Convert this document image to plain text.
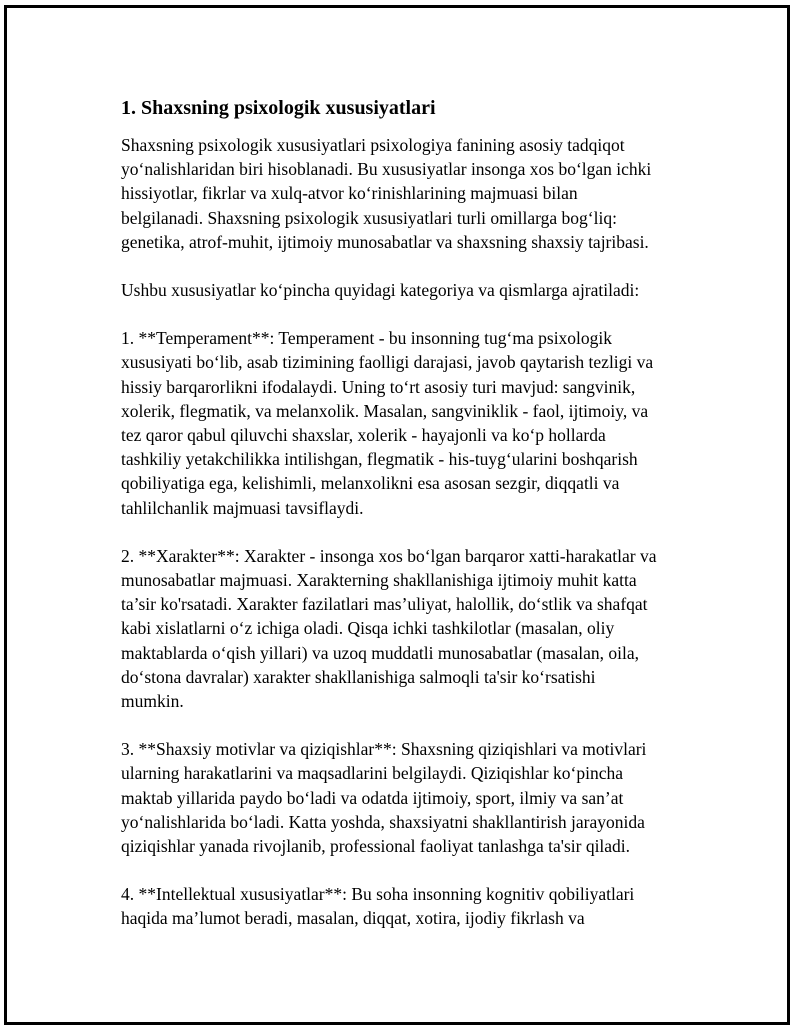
1. Shaxsning psixologik xususiyatlari
Shaxsning psixologik xususiyatlari psixologiya fanining asosiy tadqiqot
yo‘nalishlaridan biri hisoblanadi. Bu xususiyatlar insonga xos bo‘lgan ichki
hissiyotlar, fikrlar va xulq-atvor ko‘rinishlarining majmuasi bilan
belgilanadi. Shaxsning psixologik xususiyatlari turli omillarga bog‘liq:
genetika, atrof-muhit, ijtimoiy munosabatlar va shaxsning shaxsiy tajribasi.
Ushbu xususiyatlar ko‘pincha quyidagi kategoriya va qismlarga ajratiladi:
1. **Temperament**: Temperament - bu insonning tug‘ma psixologik
xususiyati bo‘lib, asab tizimining faolligi darajasi, javob qaytarish tezligi va
hissiy barqarorlikni ifodalaydi. Uning to‘rt asosiy turi mavjud: sangvinik,
xolerik, flegmatik, va melanxolik. Masalan, sangviniklik - faol, ijtimoiy, va
tez qaror qabul qiluvchi shaxslar, xolerik - hayajonli va ko‘p hollarda
tashkiliy yetakchilikka intilishgan, flegmatik - his-tuyg‘ularini boshqarish
qobiliyatiga ega, kelishimli, melanxolikni esa asosan sezgir, diqqatli va
tahlilchanlik majmuasi tavsiflaydi.
2. **Xarakter**: Xarakter - insonga xos bo‘lgan barqaror xatti-harakatlar va
munosabatlar majmuasi. Xarakterning shakllanishiga ijtimoiy muhit katta
ta’sir ko'rsatadi. Xarakter fazilatlari mas’uliyat, halollik, do‘stlik va shafqat
kabi xislatlarni o‘z ichiga oladi. Qisqa ichki tashkilotlar (masalan, oliy
maktablarda o‘qish yillari) va uzoq muddatli munosabatlar (masalan, oila,
do‘stona davralar) xarakter shakllanishiga salmoqli ta'sir ko‘rsatishi
mumkin.
3. **Shaxsiy motivlar va qiziqishlar**: Shaxsning qiziqishlari va motivlari
ularning harakatlarini va maqsadlarini belgilaydi. Qiziqishlar ko‘pincha
maktab yillarida paydo bo‘ladi va odatda ijtimoiy, sport, ilmiy va san’at
yo‘nalishlarida bo‘ladi. Katta yoshda, shaxsiyatni shakllantirish jarayonida
qiziqishlar yanada rivojlanib, professional faoliyat tanlashga ta'sir qiladi.
4. **Intellektual xususiyatlar**: Bu soha insonning kognitiv qobiliyatlari
haqida ma’lumot beradi, masalan, diqqat, xotira, ijodiy fikrlash va
